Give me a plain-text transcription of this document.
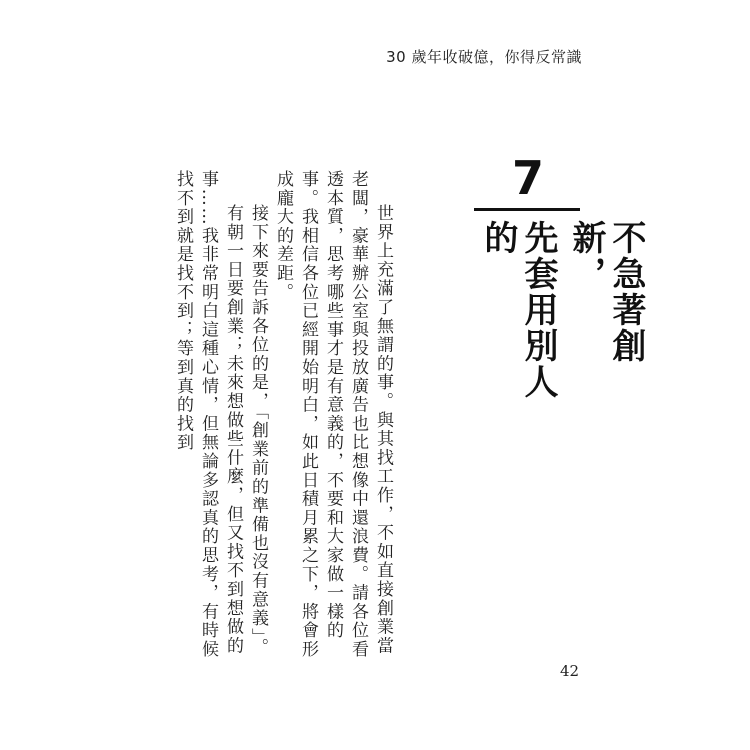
30 歲年收破億，你得反常識
7
不急著創新，
先套用別人的

世界上充滿了無謂的事。與其找工作，不如直接創業當老闆，豪華辦公室與投放廣告也比想像中還浪費。請各位看透本質，思考哪些事才是有意義的，不要和大家做一樣的事。我相信各位已經開始明白，如此日積月累之下，將會形成龐大的差距。

接下來要告訴各位的是，「創業前的準備也沒有意義」。

有朝一日要創業；未來想做些什麼，但又找不到想做的事……我非常明白這種心情，但無論多認真的思考，有時候找不到就是找不到；等到真的找到

42
